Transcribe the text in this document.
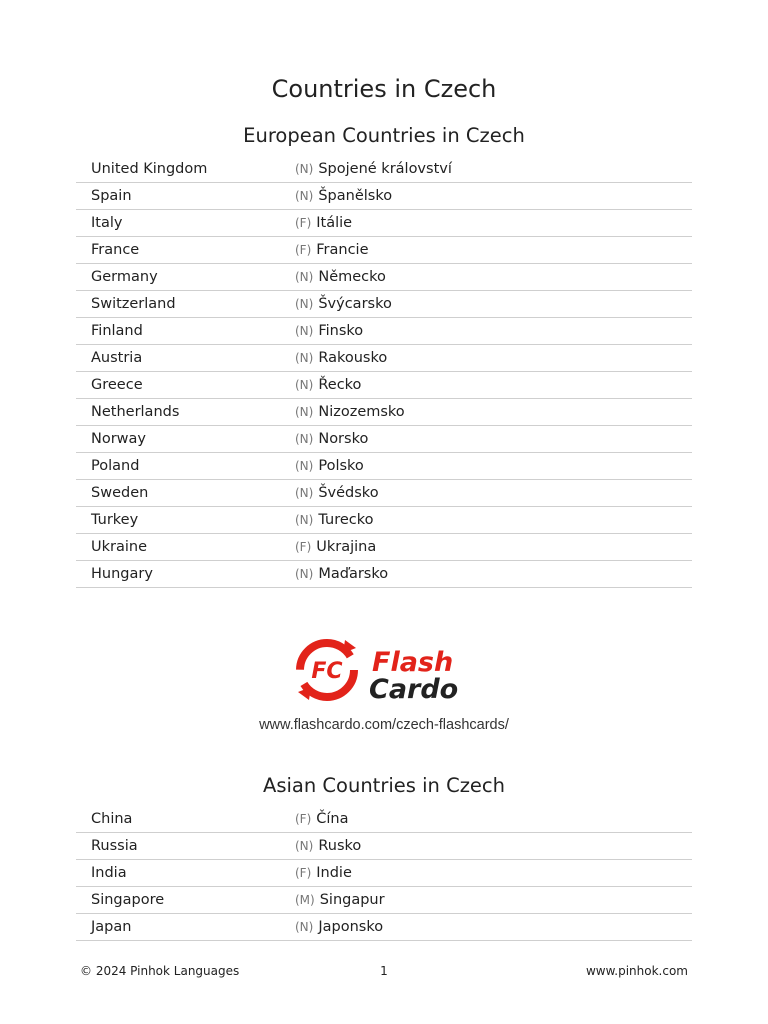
Countries in Czech
European Countries in Czech
United Kingdom	(N) Spojené království
Spain	(N) Španělsko
Italy	(F) Itálie
France	(F) Francie
Germany	(N) Německo
Switzerland	(N) Švýcarsko
Finland	(N) Finsko
Austria	(N) Rakousko
Greece	(N) Řecko
Netherlands	(N) Nizozemsko
Norway	(N) Norsko
Poland	(N) Polsko
Sweden	(N) Švédsko
Turkey	(N) Turecko
Ukraine	(F) Ukrajina
Hungary	(N) Maďarsko
FC Flash
Cardo
www.flashcardo.com/czech-flashcards/
Asian Countries in Czech
China	(F) Čína
Russia	(N) Rusko
India	(F) Indie
Singapore	(M) Singapur
Japan	(N) Japonsko
© 2024 Pinhok Languages	1	www.pinhok.com
